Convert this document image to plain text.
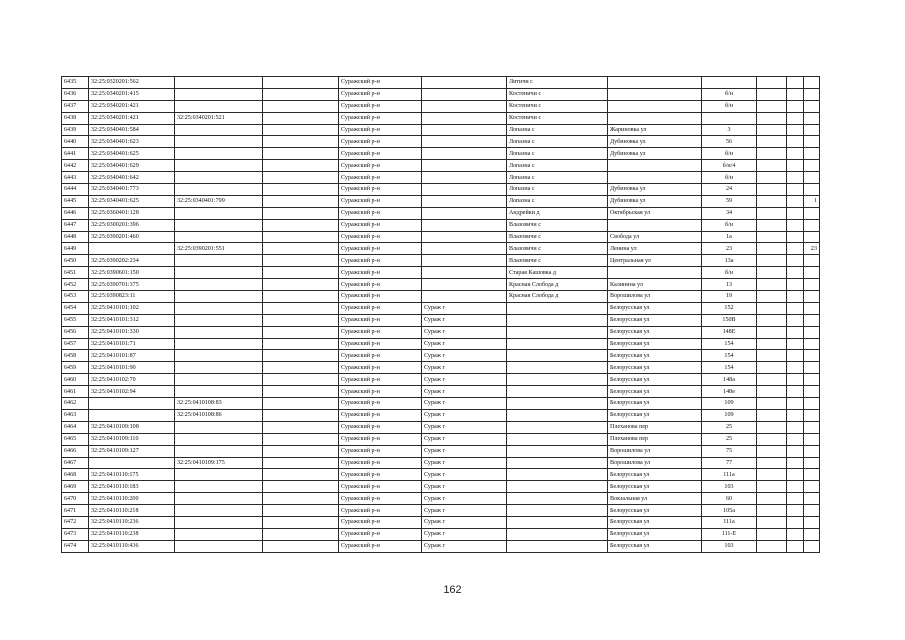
6435	32:25:0320201:562			Суражский р-н		Литичи с					
6436	32:25:0340201:415			Суражский р-н		Костеничи с		б/н			
6437	32:25:0340201:421			Суражский р-н		Костеничи с		б/н			
6438	32:25:0340201:421	32:25:0340201:521		Суражский р-н		Костеничи с					
6439	32:25:0340401:584			Суражский р-н		Лопазна с	Жариновка ул	3			
6440	32:25:0340401:623			Суражский р-н		Лопазна с	Дубиновка ул	56			
6441	32:25:0340401:625			Суражский р-н		Лопазна с	Дубиновка ул	б/н			
6442	32:25:0340401:629			Суражский р-н		Лопазна с		б/н/4			
6443	32:25:0340401:642			Суражский р-н		Лопазна с		б/н			
6444	32:25:0340401:773			Суражский р-н		Лопазна с	Дубиновка ул	24			
6445	32:25:0340401:625	32:25:0340401:799		Суражский р-н		Лопазна с	Дубиновка ул	59			1
6446	32:25:0360401:128			Суражский р-н		Андрейки д	Октябрьская ул	34			
6447	32:25:0300201:396			Суражский р-н		Влазовичи с		б/н			
6448	32:25:0390201:460			Суражский р-н		Влазовичи с	Свобода ул	1а			
6449		32:25:0390201:551		Суражский р-н		Влазовичи с	Ленина ул	23			23
6450	32:25:0390202:234			Суражский р-н		Влазовичи с	Центральная ул	13а			
6451	32:25:0390601:150			Суражский р-н		Старая Кашовка д		б/н			
6452	32:25:0390701:375			Суражский р-н		Красная Слобода д	Калинина ул	13			
6453	32:25:0390823:11			Суражский р-н		Красная Слобода д	Ворошилова ул	19			
6454	32:25:0410101:102			Суражский р-н	Сураж г		Белорусская ул	152			
6455	32:25:0410101:312			Суражский р-н	Сураж г		Белорусская ул	150В			
6456	32:25:0410101:330			Суражский р-н	Сураж г		Белорусская ул	148Е			
6457	32:25:0410101:71			Суражский р-н	Сураж г		Белорусская ул	154			
6458	32:25:0410101:87			Суражский р-н	Сураж г		Белорусская ул	154			
6459	32:25:0410101:90			Суражский р-н	Сураж г		Белорусская ул	154			
6460	32:25:0410102:70			Суражский р-н	Сураж г		Белорусская ул	148а			
6461	32:25:0410102:94			Суражский р-н	Сураж г		Белорусская ул	148е			
6462		32:25:0410108:83		Суражский р-н	Сураж г		Белорусская ул	109			
6463		32:25:0410108:86		Суражский р-н	Сураж г		Белорусская ул	109			
6464	32:25:0410109:108			Суражский р-н	Сураж г		Плеханова пер	25			
6465	32:25:0410109:110			Суражский р-н	Сураж г		Плеханова пер	25			
6466	32:25:0410109:127			Суражский р-н	Сураж г		Ворошилова ул	75			
6467		32:25:0410109:175		Суражский р-н	Сураж г		Ворошилова ул	77			
6468	32:25:0410110:175			Суражский р-н	Сураж г		Белорусская ул	111а			
6469	32:25:0410110:183			Суражский р-н	Сураж г		Белорусская ул	103			
6470	32:25:0410110:200			Суражский р-н	Сураж г		Вокзальная ул	60			
6471	32:25:0410110:218			Суражский р-н	Сураж г		Белорусская ул	105а			
6472	32:25:0410110:236			Суражский р-н	Сураж г		Белорусская ул	111а			
6473	32:25:0410110:238			Суражский р-н	Сураж г		Белорусская ул	111-Е			
6474	32:25:0410110:436			Суражский р-н	Сураж г		Белорусская ул	103			
162
